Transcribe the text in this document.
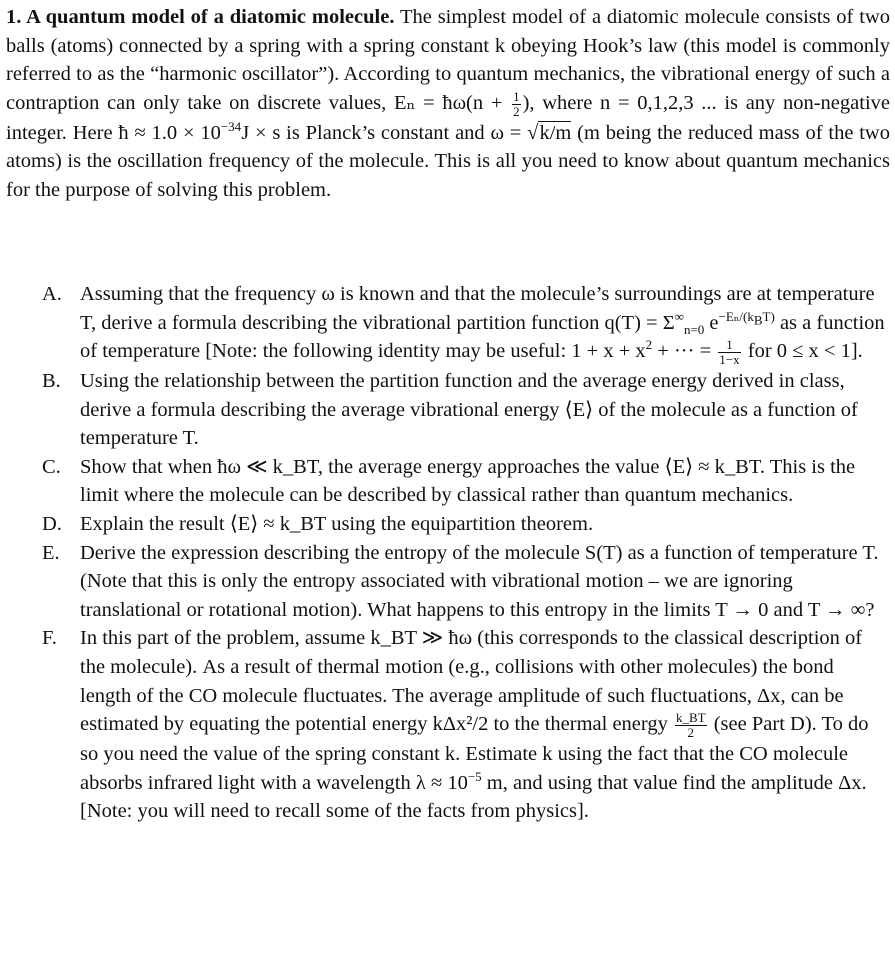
1. A quantum model of a diatomic molecule. The simplest model of a diatomic molecule consists of two balls (atoms) connected by a spring with a spring constant k obeying Hook’s law (this model is commonly referred to as the “harmonic oscillator”). According to quantum mechanics, the vibrational energy of such a contraption can only take on discrete values, Eₙ = ħω(n + $\frac{1}{2}$ ), where n = 0,1,2,3 ... is any non-negative integer. Here ħ ≈ $1.0 \times 10^{-34}J \times s$ is Planck’s constant and ω = √k/m (m being the reduced mass of the two atoms) is the oscillation frequency of the molecule. This is all you need to know about quantum mechanics for the purpose of solving this problem.

A. Assuming that the frequency ω is known and that the molecule’s surroundings are at temperature T, derive a formula describing the vibrational partition function $q(T) = \Sigma^\infty_{n=0}$ $e^{-E_n/(k_BT)}$ as a function of temperature [Note: the following identity may be useful: $1 + x + x^2$ + ··· = $\frac{1}{1-x}$ for 0 ≤ x < 1].
B. Using the relationship between the partition function and the average energy derived in class, derive a formula describing the average vibrational energy ⟨E⟩ of the molecule as a function of temperature T.
C. Show that when ħω ≪ k_BT, the average energy approaches the value ⟨E⟩ ≈ k_BT. This is the limit where the molecule can be described by classical rather than quantum mechanics.
D. Explain the result ⟨E⟩ ≈ k_BT using the equipartition theorem.
E. Derive the expression describing the entropy of the molecule S(T) as a function of temperature T. (Note that this is only the entropy associated with vibrational motion – we are ignoring translational or rotational motion). What happens to this entropy in the limits T → 0 and T → ∞?
F. In this part of the problem, assume k_BT ≫ ħω (this corresponds to the classical description of the molecule). As a result of thermal motion (e.g., collisions with other molecules) the bond length of the CO molecule fluctuates. The average amplitude of such fluctuations, Δx, can be estimated by equating the potential energy kΔx²/2 to the thermal energy $\frac{k\_BT}{2} (see$ Part D). To do so you need the value of the spring constant k. Estimate k using the fact that the CO molecule absorbs infrared light with a wavelength $\lambda \approx 10^{-5}$ m, and using that value find the amplitude Δx. [Note: you will need to recall some of the facts from physics].
